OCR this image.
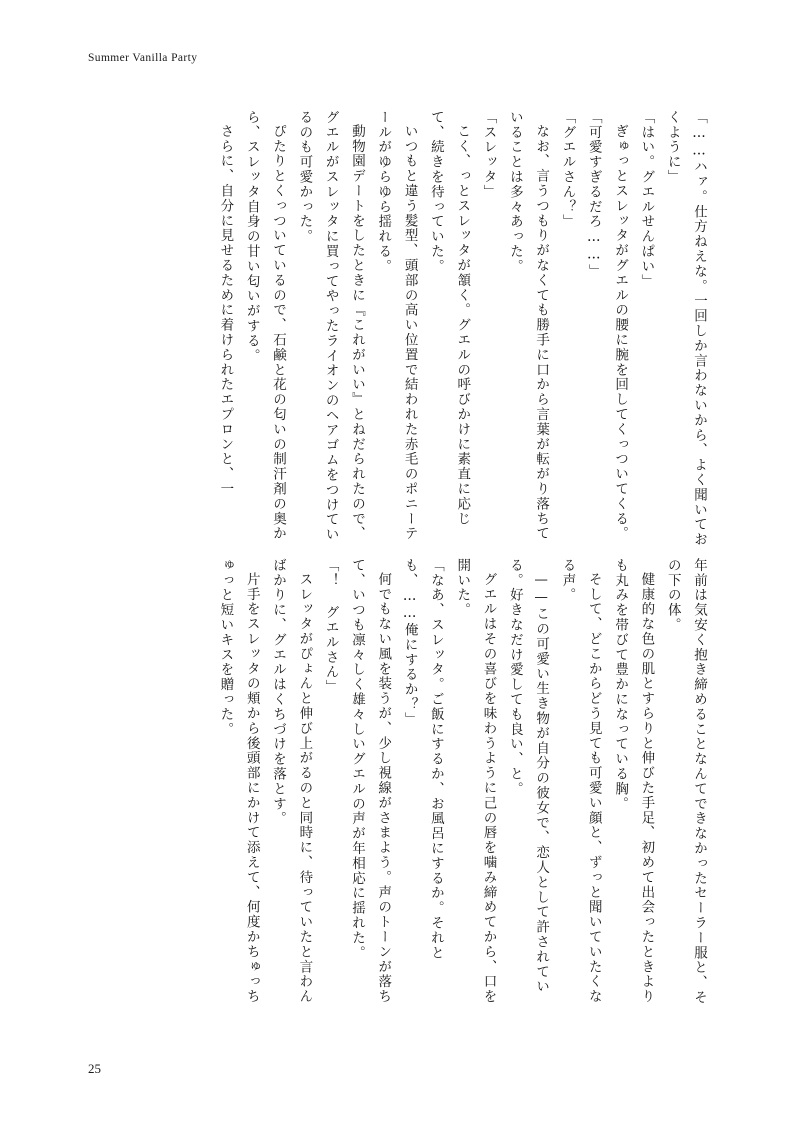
Summer Vanilla Party

「……ハァ。仕方ねえな。一回しか言わないから、よく聞いておくように」

「はい。グエルせんぱい」

ぎゅっとスレッタがグエルの腰に腕を回してくっついてくる。

「可愛すぎるだろ……」

「グエルさん？」

なお、言うつもりがなくても勝手に口から言葉が転がり落ちていることは多々あった。

「スレッタ」

こく、っとスレッタが頷く。グエルの呼びかけに素直に応じて、続きを待っていた。

いつもと違う髪型、頭部の高い位置で結われた赤毛のポニーテールがゆらゆら揺れる。

動物園デートをしたときに『これがいい』とねだられたので、グエルがスレッタに買ってやったライオンのヘアゴムをつけているのも可愛かった。

ぴたりとくっついているので、石鹸と花の匂いの制汗剤の奥から、スレッタ自身の甘い匂いがする。

さらに、自分に見せるために着けられたエプロンと、一

年前は気安く抱き締めることなんてできなかったセーラー服と、その下の体。

健康的な色の肌とすらりと伸びた手足、初めて出会ったときよりも丸みを帯びて豊かになっている胸。

そして、どこからどう見ても可愛い顔と、ずっと聞いていたくなる声。

——この可愛い生き物が自分の彼女で、恋人として許されている。好きなだけ愛しても良い、と。

グエルはその喜びを味わうように己の唇を噛み締めてから、口を開いた。

「なあ、スレッタ。ご飯にするか、お風呂にするか。それとも、……俺にするか？」

何でもない風を装うが、少し視線がさまよう。声のトーンが落ちて、いつも凛々しく雄々しいグエルの声が年相応に揺れた。

「！ グエルさん」

スレッタがぴょんと伸び上がるのと同時に、待っていたと言わんばかりに、グエルはくちづけを落とす。

片手をスレッタの頬から後頭部にかけて添えて、何度かちゅっちゅっと短いキスを贈った。

25
